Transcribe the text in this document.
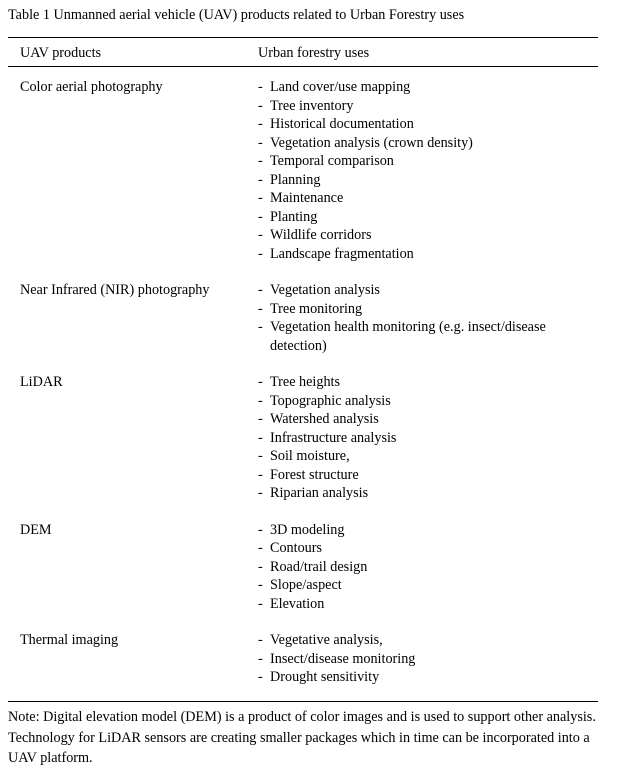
Table 1 Unmanned aerial vehicle (UAV) products related to Urban Forestry uses
UAV products	Urban forestry uses
Color aerial photography	- Land cover/use mapping
- Tree inventory
- Historical documentation
- Vegetation analysis (crown density)
- Temporal comparison
- Planning
- Maintenance
- Planting
- Wildlife corridors
- Landscape fragmentation
Near Infrared (NIR) photography	- Vegetation analysis
- Tree monitoring
- Vegetation health monitoring (e.g. insect/disease detection)
LiDAR	- Tree heights
- Topographic analysis
- Watershed analysis
- Infrastructure analysis
- Soil moisture,
- Forest structure
- Riparian analysis
DEM	- 3D modeling
- Contours
- Road/trail design
- Slope/aspect
- Elevation
Thermal imaging	- Vegetative analysis,
- Insect/disease monitoring
- Drought sensitivity
Note: Digital elevation model (DEM) is a product of color images and is used to support other analysis. Technology for LiDAR sensors are creating smaller packages which in time can be incorporated into a UAV platform.
